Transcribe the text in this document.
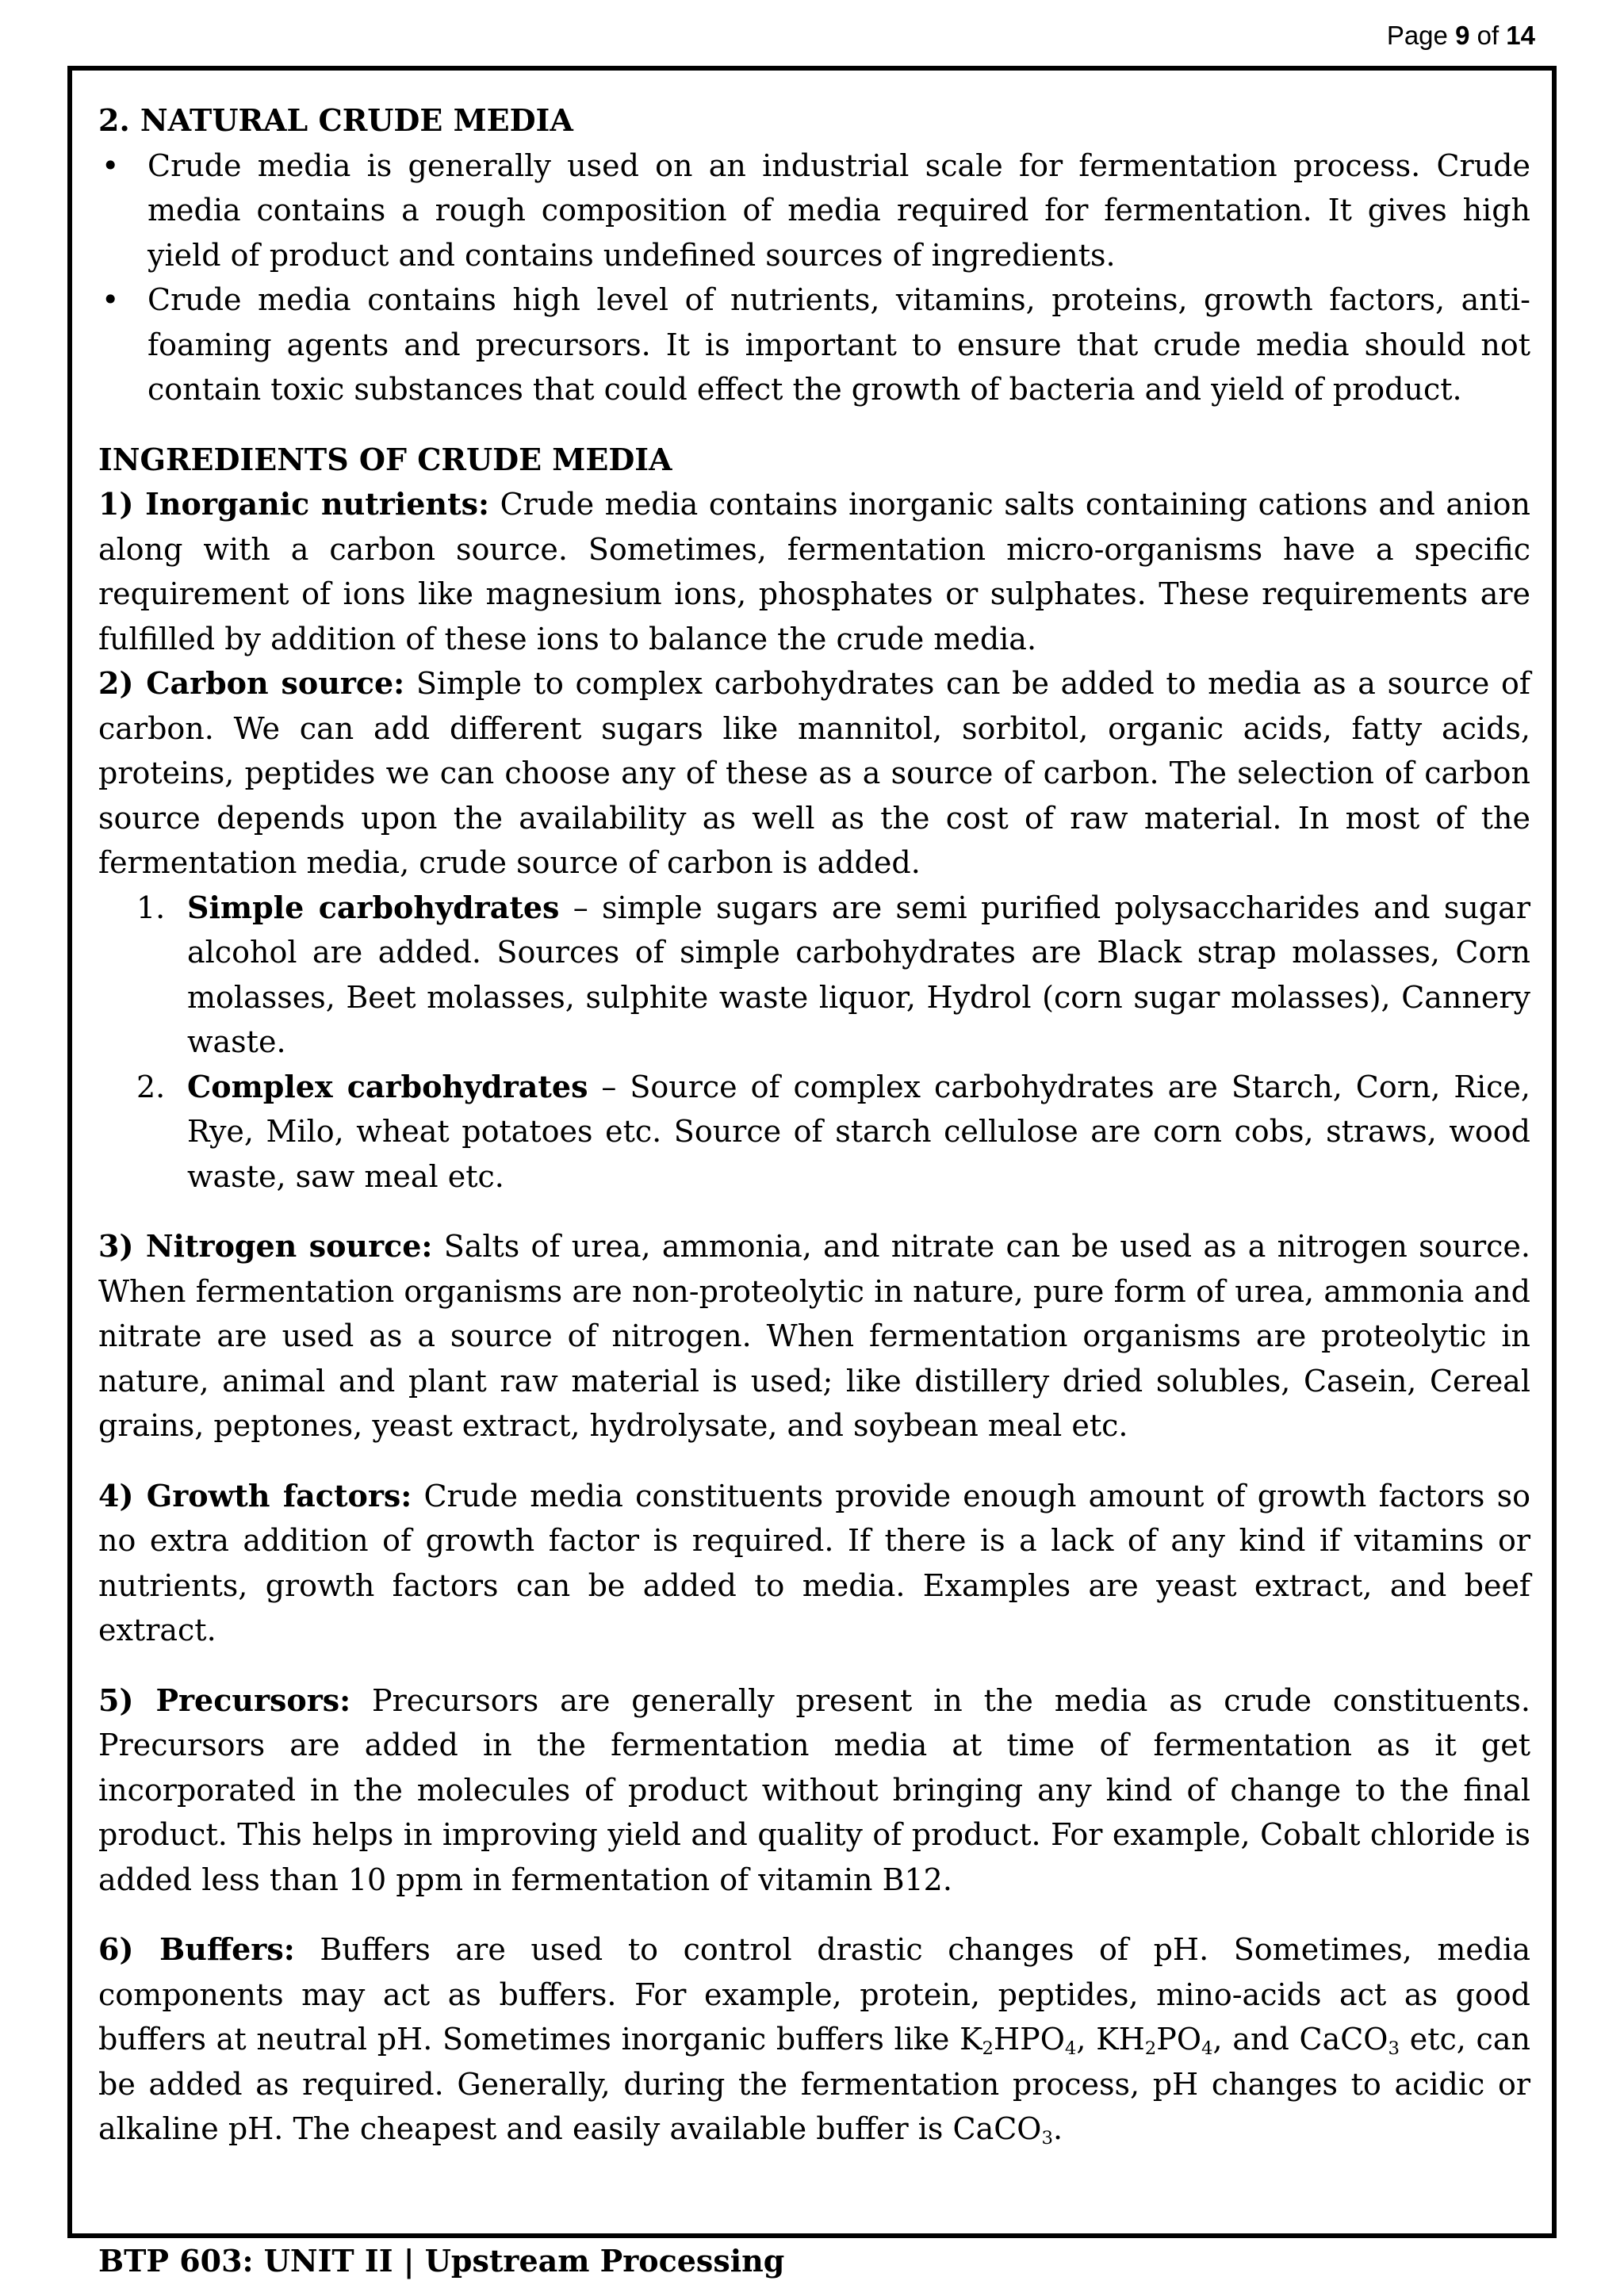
Page 9 of 14

2. NATURAL CRUDE MEDIA

• Crude media is generally used on an industrial scale for fermentation process. Crude media contains a rough composition of media required for fermentation. It gives high yield of product and contains undefined sources of ingredients.
• Crude media contains high level of nutrients, vitamins, proteins, growth factors, anti-foaming agents and precursors. It is important to ensure that crude media should not contain toxic substances that could effect the growth of bacteria and yield of product.

INGREDIENTS OF CRUDE MEDIA

1) Inorganic nutrients: Crude media contains inorganic salts containing cations and anion along with a carbon source. Sometimes, fermentation micro-organisms have a specific requirement of ions like magnesium ions, phosphates or sulphates. These requirements are fulfilled by addition of these ions to balance the crude media.

2) Carbon source: Simple to complex carbohydrates can be added to media as a source of carbon. We can add different sugars like mannitol, sorbitol, organic acids, fatty acids, proteins, peptides we can choose any of these as a source of carbon. The selection of carbon source depends upon the availability as well as the cost of raw material. In most of the fermentation media, crude source of carbon is added.

1. Simple carbohydrates – simple sugars are semi purified polysaccharides and sugar alcohol are added. Sources of simple carbohydrates are Black strap molasses, Corn molasses, Beet molasses, sulphite waste liquor, Hydrol (corn sugar molasses), Cannery waste.
2. Complex carbohydrates – Source of complex carbohydrates are Starch, Corn, Rice, Rye, Milo, wheat potatoes etc. Source of starch cellulose are corn cobs, straws, wood waste, saw meal etc.

3) Nitrogen source: Salts of urea, ammonia, and nitrate can be used as a nitrogen source. When fermentation organisms are non-proteolytic in nature, pure form of urea, ammonia and nitrate are used as a source of nitrogen. When fermentation organisms are proteolytic in nature, animal and plant raw material is used; like distillery dried solubles, Casein, Cereal grains, peptones, yeast extract, hydrolysate, and soybean meal etc.

4) Growth factors: Crude media constituents provide enough amount of growth factors so no extra addition of growth factor is required. If there is a lack of any kind if vitamins or nutrients, growth factors can be added to media. Examples are yeast extract, and beef extract.

5) Precursors: Precursors are generally present in the media as crude constituents. Precursors are added in the fermentation media at time of fermentation as it get incorporated in the molecules of product without bringing any kind of change to the final product. This helps in improving yield and quality of product. For example, Cobalt chloride is added less than 10 ppm in fermentation of vitamin B12.

6) Buffers: Buffers are used to control drastic changes of pH. Sometimes, media components may act as buffers. For example, protein, peptides, mino-acids act as good buffers at neutral pH. Sometimes inorganic buffers like $K_2HPO_4$, $KH_2PO_4$, and CaCO$_3$ etc, can be added as required. Generally, during the fermentation process, pH changes to acidic or alkaline pH. The cheapest and easily available buffer is CaCO$_3$.

BTP 603: UNIT II | Upstream Processing
